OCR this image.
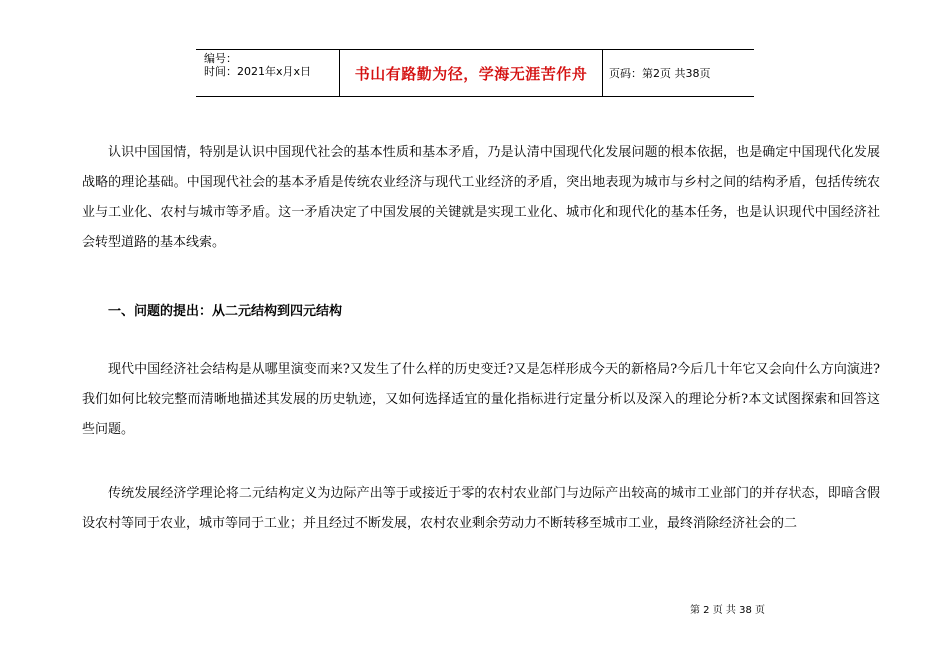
编号：
时间：2021年x月x日	书山有路勤为径，学海无涯苦作舟 页码：第2页 共38页

认识中国国情，特别是认识中国现代社会的基本性质和基本矛盾，乃是认清中国现代化发展问题的根本依据，也是确定中国现代化发展战略的理论基础。中国现代社会的基本矛盾是传统农业经济与现代工业经济的矛盾，突出地表现为城市与乡村之间的结构矛盾，包括传统农业与工业化、农村与城市等矛盾。这一矛盾决定了中国发展的关键就是实现工业化、城市化和现代化的基本任务，也是认识现代中国经济社会转型道路的基本线索。

一、问题的提出：从二元结构到四元结构

现代中国经济社会结构是从哪里演变而来?又发生了什么样的历史变迁?又是怎样形成今天的新格局?今后几十年它又会向什么方向演进?我们如何比较完整而清晰地描述其发展的历史轨迹，又如何选择适宜的量化指标进行定量分析以及深入的理论分析?本文试图探索和回答这些问题。

传统发展经济学理论将二元结构定义为边际产出等于或接近于零的农村农业部门与边际产出较高的城市工业部门的并存状态，即暗含假设农村等同于农业，城市等同于工业；并且经过不断发展，农村农业剩余劳动力不断转移至城市工业，最终消除经济社会的二

第 2 页 共 38 页
